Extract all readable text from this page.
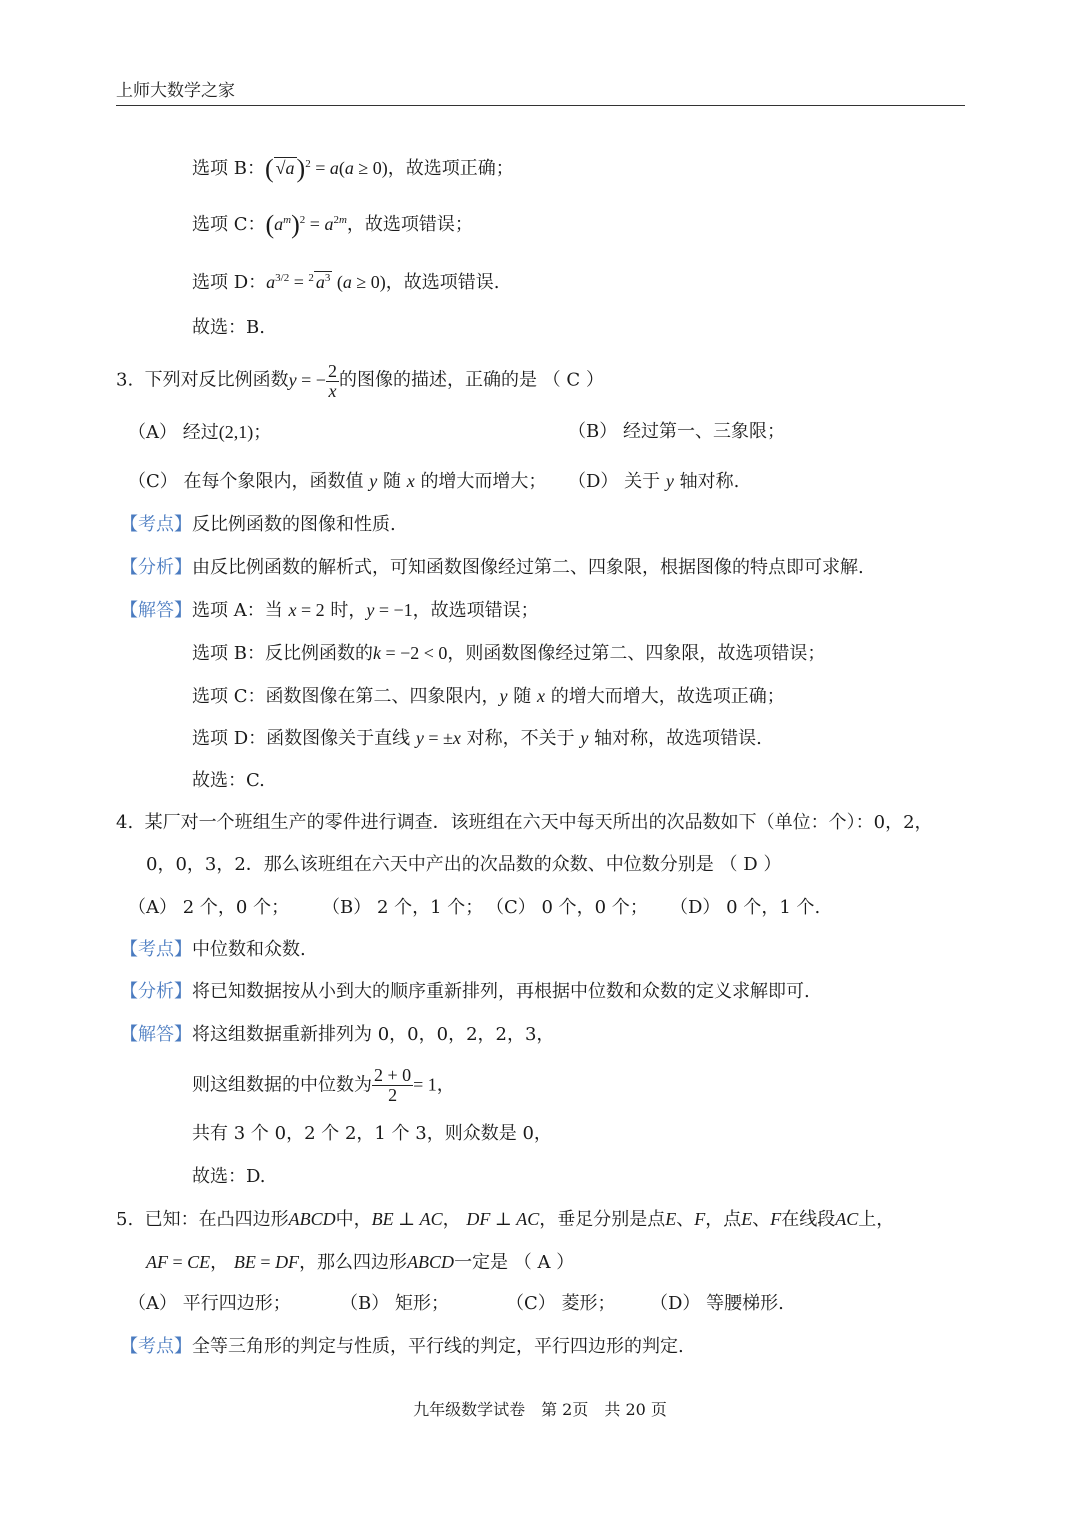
上师大数学之家
选项 B：( √a)$^2$ = a(a ≥ 0)，故选项正确；
选项 C：$(a^m)^2 = a^{2m}$，故选项错误；
选项 D：$a^{3/2} = ^2$ $a^3$ (a ≥ 0)，故选项错误.
故选：B.
3. 下列对反比例函数y = − $\frac{2}{x}$ 的图像的描述，正确的是 （ C ）
（A） 经过(2,1)；	（B） 经过第一、三象限；
（C） 在每个象限内，函数值 y 随 x 的增大而增大； （D） 关于 y 轴对称.
【考点】反比例函数的图像和性质.
【分析】由反比例函数的解析式，可知函数图像经过第二、四象限，根据图像的特点即可求解.
【解答】选项 A：当 x = 2 时，y = −1，故选项错误；
选项 B：反比例函数的k = −2 < 0，则函数图像经过第二、四象限，故选项错误；
选项 C：函数图像在第二、四象限内，y 随 x 的增大而增大，故选项正确；
选项 D：函数图像关于直线 y = ±x 对称，不关于 y 轴对称，故选项错误.
故选：C.
4. 某厂对一个班组生产的零件进行调查．该班组在六天中每天所出的次品数如下（单位：个）：0，2，
0，0，3，2．那么该班组在六天中产出的次品数的众数、中位数分别是 （ D ）
（A） 2 个，0 个； （B） 2 个，1 个； （C） 0 个，0 个； （D） 0 个，1 个.
【考点】中位数和众数.
【分析】将已知数据按从小到大的顺序重新排列，再根据中位数和众数的定义求解即可.
【解答】将这组数据重新排列为 0，0，0，2，2，3，
则这组数据的中位数为 $\frac{2 + 0}{2} = 1$，
共有 3 个 0，2 个 2，1 个 3，则众数是 0，
故选：D.
5. 已知：在凸四边形ABCD中，BE ⊥ AC， DF ⊥ AC，垂足分别是点E、F，点E、F在线段AC上，
AF = CE， BE = DF，那么四边形ABCD一定是 （ A ）
（A） 平行四边形；	（B） 矩形；	（C） 菱形； （D） 等腰梯形.
【考点】全等三角形的判定与性质，平行线的判定，平行四边形的判定.
九年级数学试卷　第 2页　共 20 页
